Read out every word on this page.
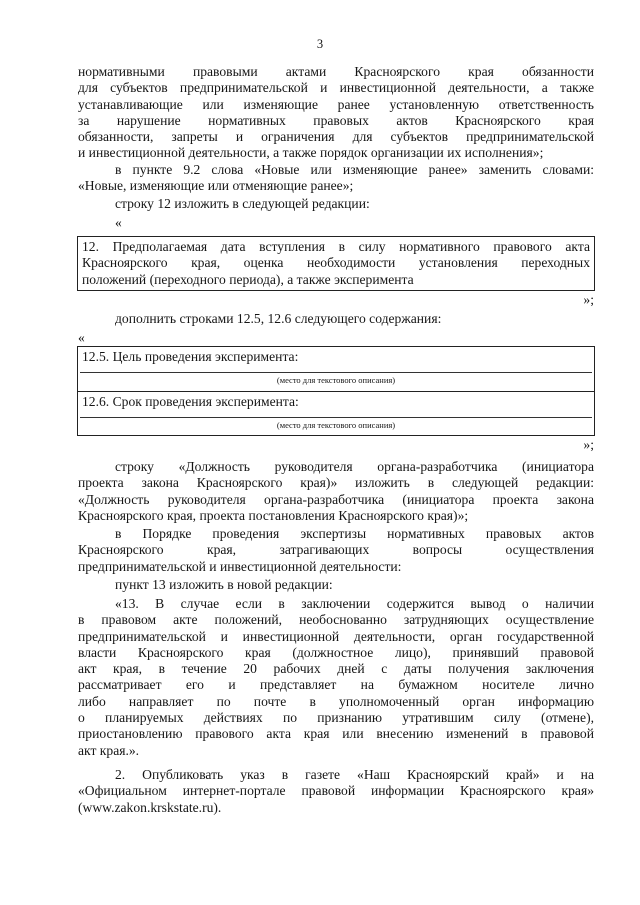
3
нормативными правовыми актами Красноярского края обязанности
для субъектов предпринимательской и инвестиционной деятельности, а также
устанавливающие или изменяющие ранее установленную ответственность
за нарушение нормативных правовых актов Красноярского края
обязанности, запреты и ограничения для субъектов предпринимательской
и инвестиционной деятельности, а также порядок организации их исполнения»;
в пункте 9.2 слова «Новые или изменяющие ранее» заменить словами:
«Новые, изменяющие или отменяющие ранее»;
строку 12 изложить в следующей редакции:
«
12. Предполагаемая дата вступления в силу нормативного правового акта
Красноярского края, оценка необходимости установления переходных
положений (переходного периода), а также эксперимента
»;
дополнить строками 12.5, 12.6 следующего содержания:
«
12.5. Цель проведения эксперимента:
(место для текстового описания)
12.6. Срок проведения эксперимента:
(место для текстового описания)
»;
строку «Должность руководителя органа-разработчика (инициатора
проекта закона Красноярского края)» изложить в следующей редакции:
«Должность руководителя органа-разработчика (инициатора проекта закона
Красноярского края, проекта постановления Красноярского края)»;
в Порядке проведения экспертизы нормативных правовых актов
Красноярского края, затрагивающих вопросы осуществления
предпринимательской и инвестиционной деятельности:
пункт 13 изложить в новой редакции:
«13. В случае если в заключении содержится вывод о наличии
в правовом акте положений, необоснованно затрудняющих осуществление
предпринимательской и инвестиционной деятельности, орган государственной
власти Красноярского края (должностное лицо), принявший правовой
акт края, в течение 20 рабочих дней с даты получения заключения
рассматривает его и представляет на бумажном носителе лично
либо направляет по почте в уполномоченный орган информацию
о планируемых действиях по признанию утратившим силу (отмене),
приостановлению правового акта края или внесению изменений в правовой
акт края.».
2. Опубликовать указ в газете «Наш Красноярский край» и на
«Официальном интернет-портале правовой информации Красноярского края»
(www.zakon.krskstate.ru).
